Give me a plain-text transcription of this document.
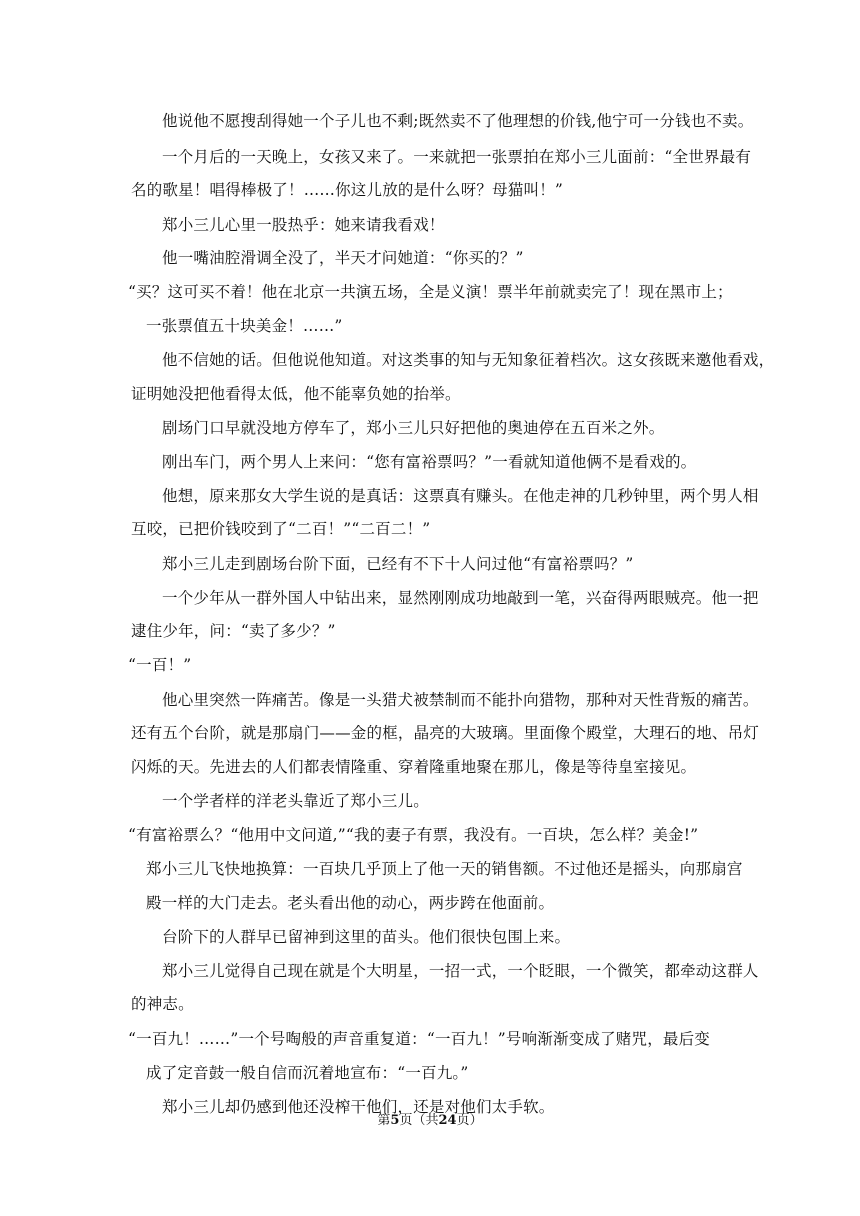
他说他不愿搜刮得她一个子儿也不剩;既然卖不了他理想的价钱,他宁可一分钱也不卖。
一个月后的一天晚上，女孩又来了。一来就把一张票拍在郑小三儿面前：“全世界最有
名的歌星！唱得棒极了！……你这儿放的是什么呀？母猫叫！”
郑小三儿心里一股热乎：她来请我看戏！
他一嘴油腔滑调全没了，半天才问她道：“你买的？”
“买？这可买不着！他在北京一共演五场，全是义演！票半年前就卖完了！现在黑市上；
一张票值五十块美金！……”
他不信她的话。但他说他知道。对这类事的知与无知象征着档次。这女孩既来邀他看戏，
证明她没把他看得太低，他不能辜负她的抬举。
剧场门口早就没地方停车了，郑小三儿只好把他的奥迪停在五百米之外。
刚出车门，两个男人上来问：“您有富裕票吗？”一看就知道他俩不是看戏的。
他想，原来那女大学生说的是真话：这票真有赚头。在他走神的几秒钟里，两个男人相
互咬，已把价钱咬到了“二百！”“二百二！”
郑小三儿走到剧场台阶下面，已经有不下十人问过他“有富裕票吗？”
一个少年从一群外国人中钻出来，显然刚刚成功地敲到一笔，兴奋得两眼贼亮。他一把
逮住少年，问：“卖了多少？”
“一百！”
他心里突然一阵痛苦。像是一头猎犬被禁制而不能扑向猎物，那种对天性背叛的痛苦。
还有五个台阶，就是那扇门——金的框，晶亮的大玻璃。里面像个殿堂，大理石的地、吊灯
闪烁的天。先进去的人们都表情隆重、穿着隆重地聚在那儿，像是等待皇室接见。
一个学者样的洋老头靠近了郑小三儿。
“有富裕票么？“他用中文问道,”“我的妻子有票，我没有。一百块，怎么样？美金!”
郑小三儿飞快地换算：一百块几乎顶上了他一天的销售额。不过他还是摇头，向那扇宫
殿一样的大门走去。老头看出他的动心，两步跨在他面前。
台阶下的人群早已留神到这里的苗头。他们很快包围上来。
郑小三儿觉得自己现在就是个大明星，一招一式，一个眨眼，一个微笑，都牵动这群人
的神志。
“一百九！……”一个号啕般的声音重复道：“一百九！”号响渐渐变成了赌咒，最后变
成了定音鼓一般自信而沉着地宣布：“一百九。”
郑小三儿却仍感到他还没榨干他们，还是对他们太手软。
第5页（共24页）
